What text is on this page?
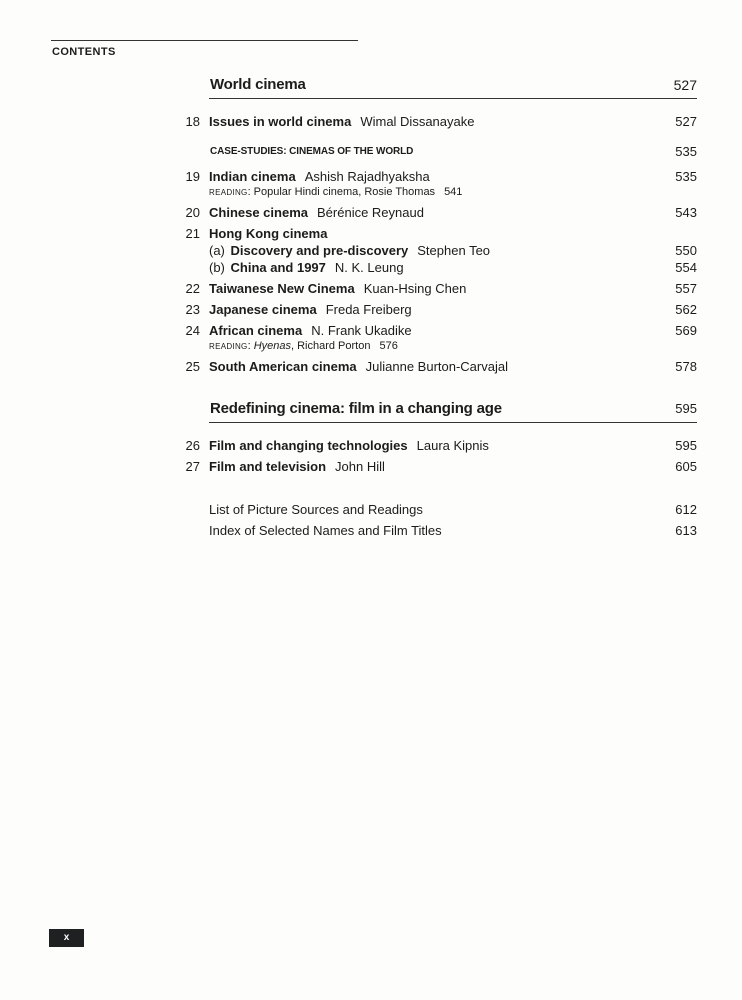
CONTENTS
World cinema	527
18 Issues in world cinema Wimal Dissanayake	527
CASE-STUDIES: CINEMAS OF THE WORLD	535
19 Indian cinema Ashish Rajadhyaksha	535
READING: Popular Hindi cinema, Rosie Thomas 541
20 Chinese cinema Bérénice Reynaud	543
21 Hong Kong cinema
(a) Discovery and pre-discovery Stephen Teo	550
(b) China and 1997 N. K. Leung	554
22 Taiwanese New Cinema Kuan-Hsing Chen	557
23 Japanese cinema Freda Freiberg	562
24 African cinema N. Frank Ukadike	569
READING: Hyenas, Richard Porton 576
25 South American cinema Julianne Burton-Carvajal	578
Redefining cinema: film in a changing age	595
26 Film and changing technologies Laura Kipnis	595
27 Film and television John Hill	605
List of Picture Sources and Readings	612
Index of Selected Names and Film Titles	613
x
